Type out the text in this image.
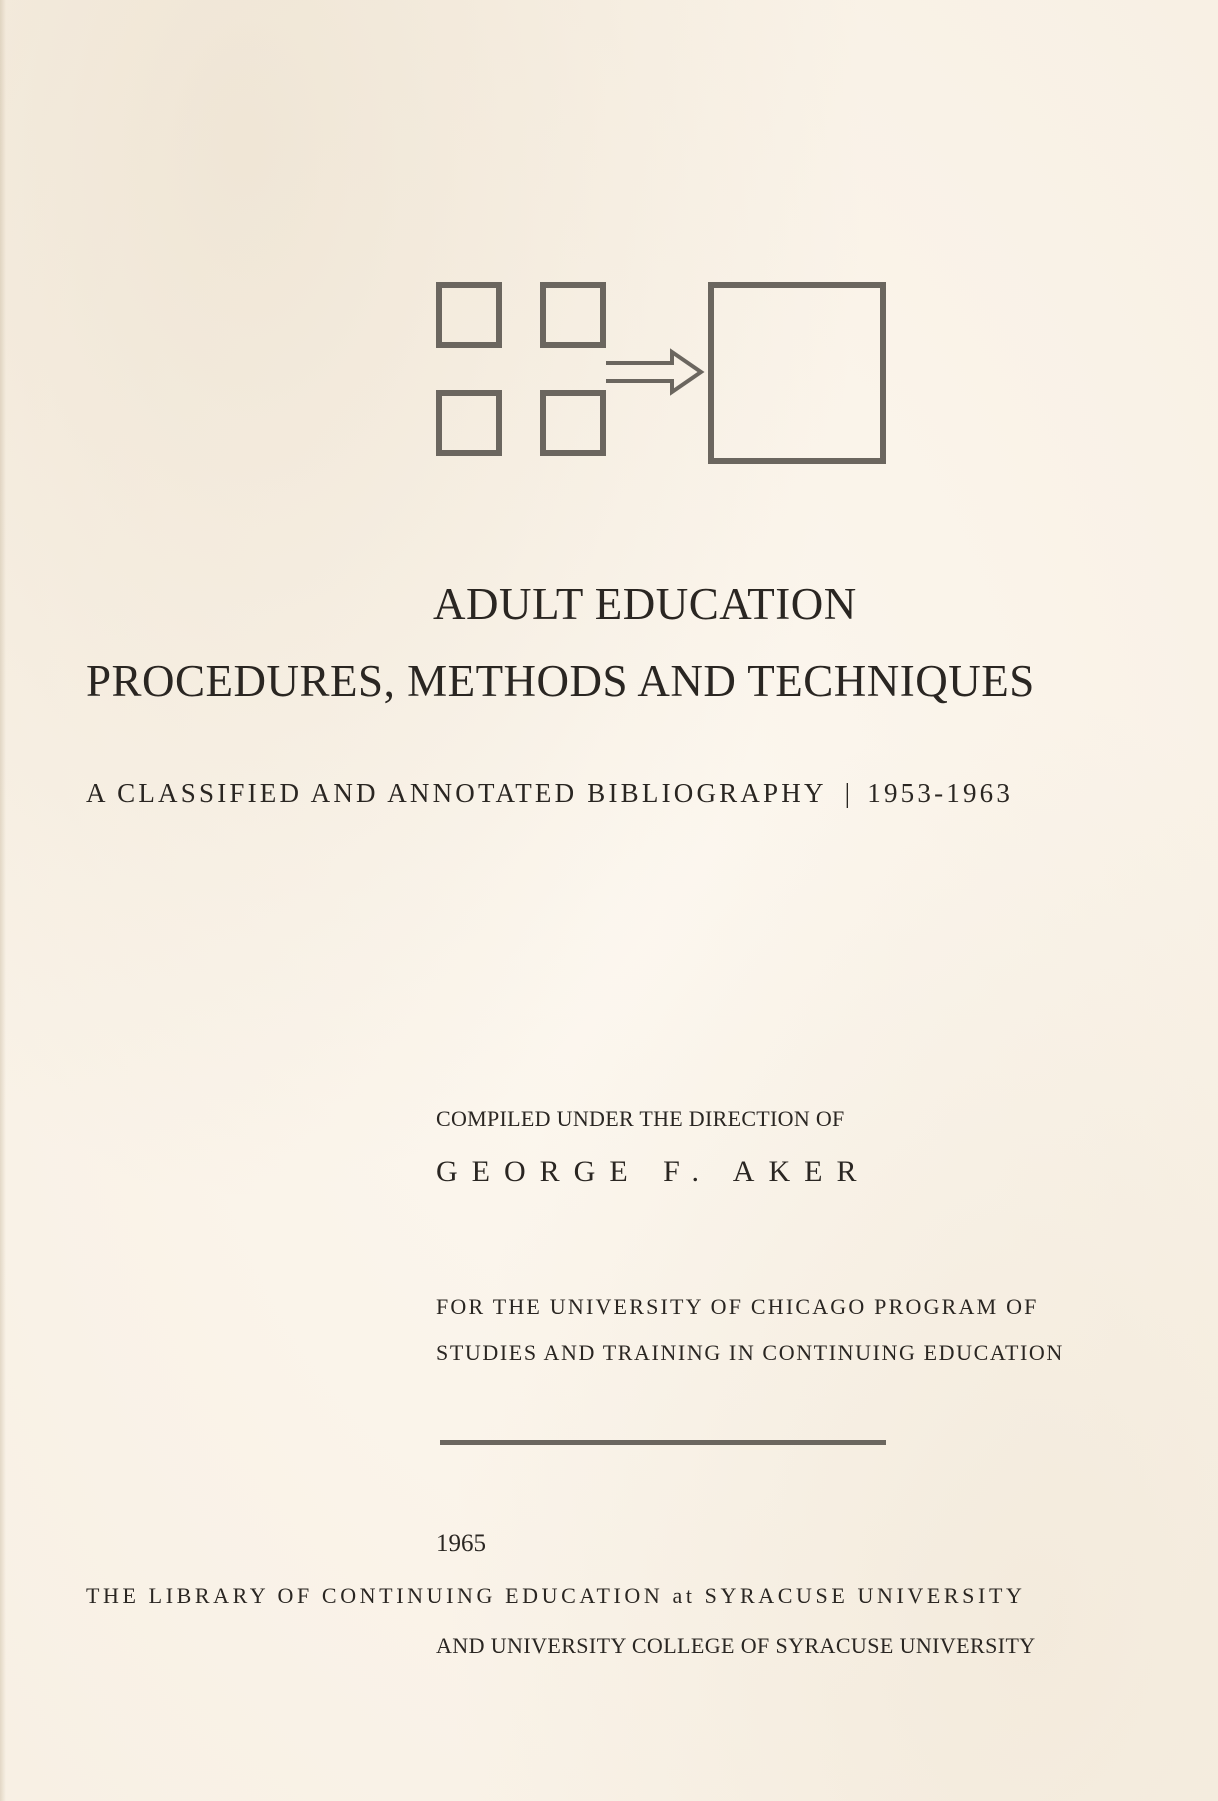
ADULT EDUCATION
PROCEDURES, METHODS AND TECHNIQUES
A CLASSIFIED AND ANNOTATED BIBLIOGRAPHY | 1953-1963
COMPILED UNDER THE DIRECTION OF
GEORGE F. AKER
FOR THE UNIVERSITY OF CHICAGO PROGRAM OF
STUDIES AND TRAINING IN CONTINUING EDUCATION
1965
THE LIBRARY OF CONTINUING EDUCATION at SYRACUSE UNIVERSITY
AND UNIVERSITY COLLEGE OF SYRACUSE UNIVERSITY
